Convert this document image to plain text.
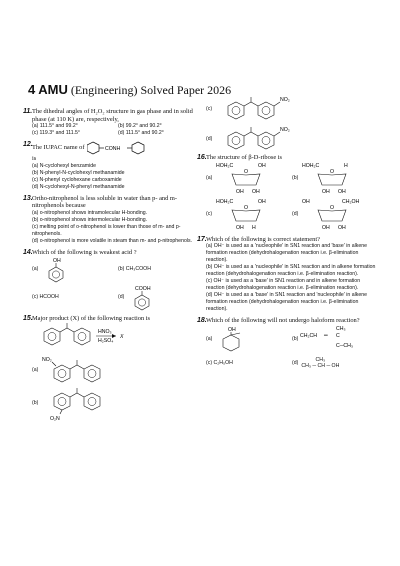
4 AMU (Engineering) Solved Paper 2026
11. The dihedral angles of H₂O₂ structure in gas phase and in solid phase (at 110 K) are, respectively,
(a) 111.5° and 99.2°	(b) 99.2° and 90.2°
(c) 119.3° and 111.5°	(d) 111.5° and 90.2°
12. The IUPAC name of	CONH
is
(a) N-cyclohexyl benzamide
(b) N-phenyl-N-cyclohexyl methanamide
(c) N-phenyl cyclohexane carboxamide
(d) N-cyclohexyl-N-phenyl methanamide
13. Ortho-nitrophenol is less soluble in water than p- and m-nitrophenols because
(a) o-nitrophenol shows intramolecular H-bonding.
(b) o-nitrophenol shows intermolecular H-bonding.
(c) melting point of o-nitrophenol is lower than those of m- and p-nitrophenols.
(d) o-nitrophenol is more volatile in steam than m- and p-nitrophenols.
14. Which of the following is weakest acid ?
(a)
OH
(b) CH₃COOH
(c) HCOOH	(d)
COOH
15. Major product (X) of the following reaction is
HNO₃
H₂SO₄
X
(a)
NO₂
(b)
O₂N
(c)
NO₂
(d)
NO₂
16. The structure of β-D-ribose is
(a)
HOH₂C
O
OH
OH OH
(b)
HOH₂C
O
H
OH OH
(c)
HOH₂C
O
OH
OH H
(d)
OH
O
CH₂OH
OH OH
17. Which of the following is correct statement?
(a) OH⁻ is used as a 'nucleophile' in SN1 reaction and 'base' in alkene formation reaction (dehydrohalogenation reaction i.e. β-elimination reaction).
(b) OH⁻ is used as a 'nucleophile' in SN1 reaction and in alkene formation reaction (dehydrohalogenation reaction i.e. β-elimination reaction).
(c) OH⁻ is used as a 'base' in SN1 reaction and in alkene formation reaction (dehydrohalogenation reaction i.e. β-elimination reaction).
(d) OH⁻ is used as a 'base' in SN1 reaction and 'nucleophile' in alkene formation reaction (dehydrohalogenation reaction i.e. β-elimination reaction).
18. Which of the following will not undergo haloform reaction?
(a)
OH
(b)
CH₂CH ═
CH₃
C
C─CH₃
(c) C₂H₅OH	(d)
CH₃
CH₃ ─ CH ─ OH
